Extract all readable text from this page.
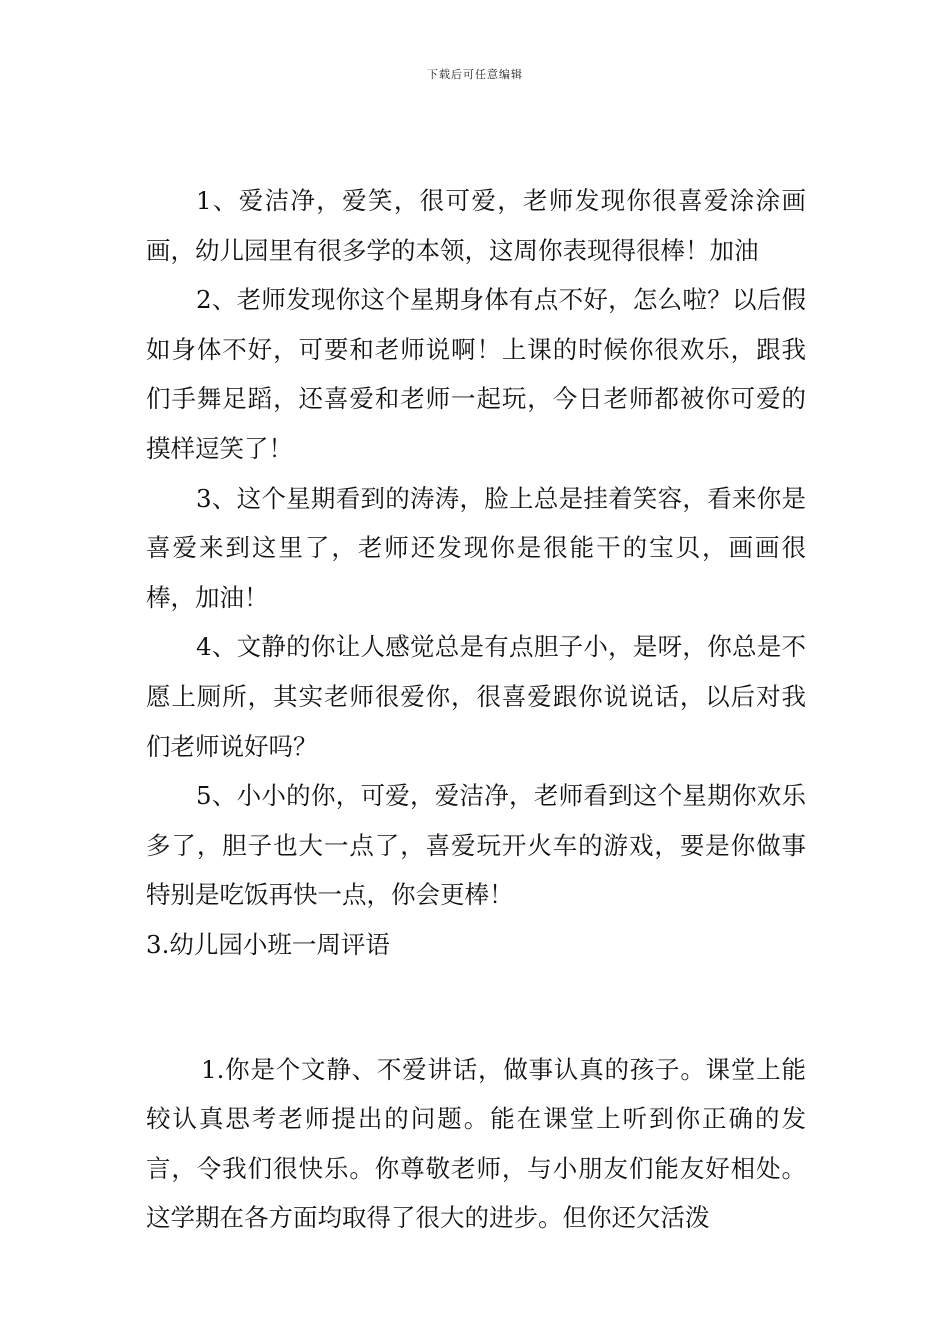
下载后可任意编辑

1、爱洁净，爱笑，很可爱，老师发现你很喜爱涂涂画画，幼儿园里有很多学的本领，这周你表现得很棒！加油

2、老师发现你这个星期身体有点不好，怎么啦？以后假如身体不好，可要和老师说啊！上课的时候你很欢乐，跟我们手舞足蹈，还喜爱和老师一起玩，今日老师都被你可爱的摸样逗笑了！

3、这个星期看到的涛涛，脸上总是挂着笑容，看来你是喜爱来到这里了，老师还发现你是很能干的宝贝，画画很棒，加油！

4、文静的你让人感觉总是有点胆子小，是呀，你总是不愿上厕所，其实老师很爱你，很喜爱跟你说说话，以后对我们老师说好吗？

5、小小的你，可爱，爱洁净，老师看到这个星期你欢乐多了，胆子也大一点了，喜爱玩开火车的游戏，要是你做事特别是吃饭再快一点，你会更棒！

3.幼儿园小班一周评语

1.你是个文静、不爱讲话，做事认真的孩子。课堂上能较认真思考老师提出的问题。能在课堂上听到你正确的发言，令我们很快乐。你尊敬老师，与小朋友们能友好相处。这学期在各方面均取得了很大的进步。但你还欠活泼
